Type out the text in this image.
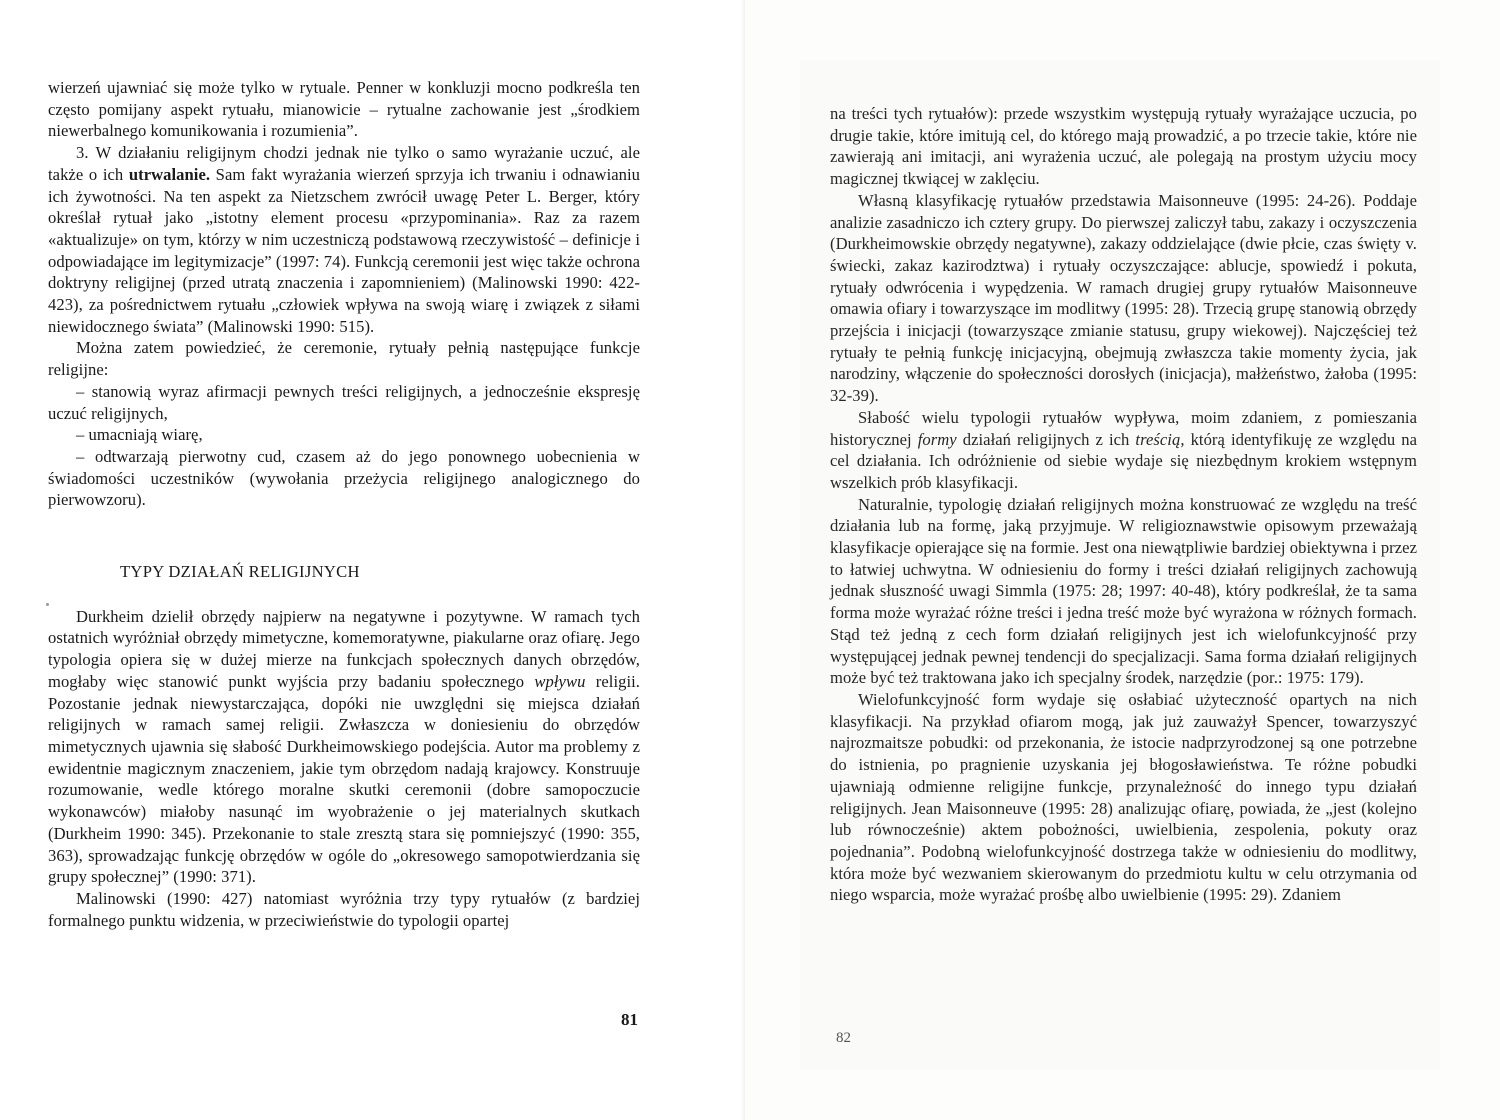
wierzeń ujawniać się może tylko w rytuale. Penner w konkluzji mocno podkreśla ten często pomijany aspekt rytuału, mianowicie – rytualne zachowanie jest „środkiem niewerbalnego komunikowania i rozumienia”.

3. W działaniu religijnym chodzi jednak nie tylko o samo wyrażanie uczuć, ale także o ich utrwalanie. Sam fakt wyrażania wierzeń sprzyja ich trwaniu i odnawianiu ich żywotności. Na ten aspekt za Nietzschem zwrócił uwagę Peter L. Berger, który określał rytuał jako „istotny element procesu «przypominania». Raz za razem «aktualizuje» on tym, którzy w nim uczestniczą podstawową rzeczywistość – definicje i odpowiadające im legitymizacje” (1997: 74). Funkcją ceremonii jest więc także ochrona doktryny religijnej (przed utratą znaczenia i zapomnieniem) (Malinowski 1990: 422-423), za pośrednictwem rytuału „człowiek wpływa na swoją wiarę i związek z siłami niewidocznego świata” (Malinowski 1990: 515).

Można zatem powiedzieć, że ceremonie, rytuały pełnią następujące funkcje religijne:

– stanowią wyraz afirmacji pewnych treści religijnych, a jednocześnie ekspresję uczuć religijnych,

– umacniają wiarę,

– odtwarzają pierwotny cud, czasem aż do jego ponownego uobecnienia w świadomości uczestników (wywołania przeżycia religijnego analogicznego do pierwowzoru).

TYPY DZIAŁAŃ RELIGIJNYCH

Durkheim dzielił obrzędy najpierw na negatywne i pozytywne. W ramach tych ostatnich wyróżniał obrzędy mimetyczne, komemoratywne, piakularne oraz ofiarę. Jego typologia opiera się w dużej mierze na funkcjach społecznych danych obrzędów, mogłaby więc stanowić punkt wyjścia przy badaniu społecznego wpływu religii. Pozostanie jednak niewystarczająca, dopóki nie uwzględni się miejsca działań religijnych w ramach samej religii. Zwłaszcza w doniesieniu do obrzędów mimetycznych ujawnia się słabość Durkheimowskiego podejścia. Autor ma problemy z ewidentnie magicznym znaczeniem, jakie tym obrzędom nadają krajowcy. Konstruuje rozumowanie, wedle którego moralne skutki ceremonii (dobre samopoczucie wykonawców) miałoby nasunąć im wyobrażenie o jej materialnych skutkach (Durkheim 1990: 345). Przekonanie to stale zresztą stara się pomniejszyć (1990: 355, 363), sprowadzając funkcję obrzędów w ogóle do „okresowego samopotwierdzania się grupy społecznej” (1990: 371).

Malinowski (1990: 427) natomiast wyróżnia trzy typy rytuałów (z bardziej formalnego punktu widzenia, w przeciwieństwie do typologii opartej

81

na treści tych rytuałów): przede wszystkim występują rytuały wyrażające uczucia, po drugie takie, które imitują cel, do którego mają prowadzić, a po trzecie takie, które nie zawierają ani imitacji, ani wyrażenia uczuć, ale polegają na prostym użyciu mocy magicznej tkwiącej w zaklęciu.

Własną klasyfikację rytuałów przedstawia Maisonneuve (1995: 24-26). Poddaje analizie zasadniczo ich cztery grupy. Do pierwszej zaliczył tabu, zakazy i oczyszczenia (Durkheimowskie obrzędy negatywne), zakazy oddzielające (dwie płcie, czas święty v. świecki, zakaz kazirodztwa) i rytuały oczyszczające: ablucje, spowiedź i pokuta, rytuały odwrócenia i wypędzenia. W ramach drugiej grupy rytuałów Maisonneuve omawia ofiary i towarzyszące im modlitwy (1995: 28). Trzecią grupę stanowią obrzędy przejścia i inicjacji (towarzyszące zmianie statusu, grupy wiekowej). Najczęściej też rytuały te pełnią funkcję inicjacyjną, obejmują zwłaszcza takie momenty życia, jak narodziny, włączenie do społeczności dorosłych (inicjacja), małżeństwo, żałoba (1995: 32-39).

Słabość wielu typologii rytuałów wypływa, moim zdaniem, z pomieszania historycznej formy działań religijnych z ich treścią, którą identyfikuję ze względu na cel działania. Ich odróżnienie od siebie wydaje się niezbędnym krokiem wstępnym wszelkich prób klasyfikacji.

Naturalnie, typologię działań religijnych można konstruować ze względu na treść działania lub na formę, jaką przyjmuje. W religioznawstwie opisowym przeważają klasyfikacje opierające się na formie. Jest ona niewątpliwie bardziej obiektywna i przez to łatwiej uchwytna. W odniesieniu do formy i treści działań religijnych zachowują jednak słuszność uwagi Simmla (1975: 28; 1997: 40-48), który podkreślał, że ta sama forma może wyrażać różne treści i jedna treść może być wyrażona w różnych formach. Stąd też jedną z cech form działań religijnych jest ich wielofunkcyjność przy występującej jednak pewnej tendencji do specjalizacji. Sama forma działań religijnych może być też traktowana jako ich specjalny środek, narzędzie (por.: 1975: 179).

Wielofunkcyjność form wydaje się osłabiać użyteczność opartych na nich klasyfikacji. Na przykład ofiarom mogą, jak już zauważył Spencer, towarzyszyć najrozmaitsze pobudki: od przekonania, że istocie nadprzyrodzonej są one potrzebne do istnienia, po pragnienie uzyskania jej błogosławieństwa. Te różne pobudki ujawniają odmienne religijne funkcje, przynależność do innego typu działań religijnych. Jean Maisonneuve (1995: 28) analizując ofiarę, powiada, że „jest (kolejno lub równocześnie) aktem pobożności, uwielbienia, zespolenia, pokuty oraz pojednania”. Podobną wielofunkcyjność dostrzega także w odniesieniu do modlitwy, która może być wezwaniem skierowanym do przedmiotu kultu w celu otrzymania od niego wsparcia, może wyrażać prośbę albo uwielbienie (1995: 29). Zdaniem

82
